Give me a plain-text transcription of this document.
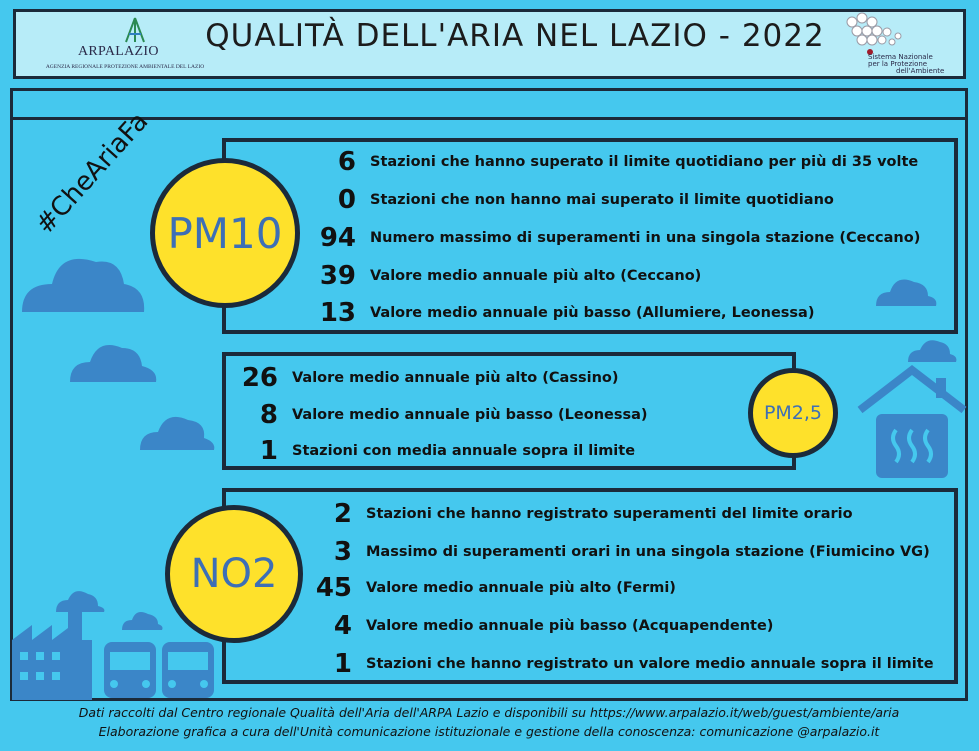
ARPALAZIO
AGENZIA REGIONALE PROTEZIONE AMBIENTALE DEL LAZIO
QUALITÀ DELL'ARIA NEL LAZIO - 2022
Sistema Nazionale
per la Protezione
dell'Ambiente
#CheAriaFa	6 Stazioni che hanno superato il limite quotidiano per più di 35 volte
0 Stazioni che non hanno mai superato il limite quotidiano
94 Numero massimo di superamenti in una singola stazione (Ceccano)
39 Valore medio annuale più alto (Ceccano)
13 Valore medio annuale più basso (Allumiere, Leonessa)
PM10
26 Valore medio annuale più alto (Cassino)
8 Valore medio annuale più basso (Leonessa)
1 Stazioni con media annuale sopra il limite
PM2,5
2 Stazioni che hanno registrato superamenti del limite orario
3 Massimo di superamenti orari in una singola stazione (Fiumicino VG)
45 Valore medio annuale più alto (Fermi)
4 Valore medio annuale più basso (Acquapendente)
1 Stazioni che hanno registrato un valore medio annuale sopra il limite
NO2
Dati raccolti dal Centro regionale Qualità dell'Aria dell'ARPA Lazio e disponibili su https://www.arpalazio.it/web/guest/ambiente/aria
Elaborazione grafica a cura dell'Unità comunicazione istituzionale e gestione della conoscenza: comunicazione @arpalazio.it
